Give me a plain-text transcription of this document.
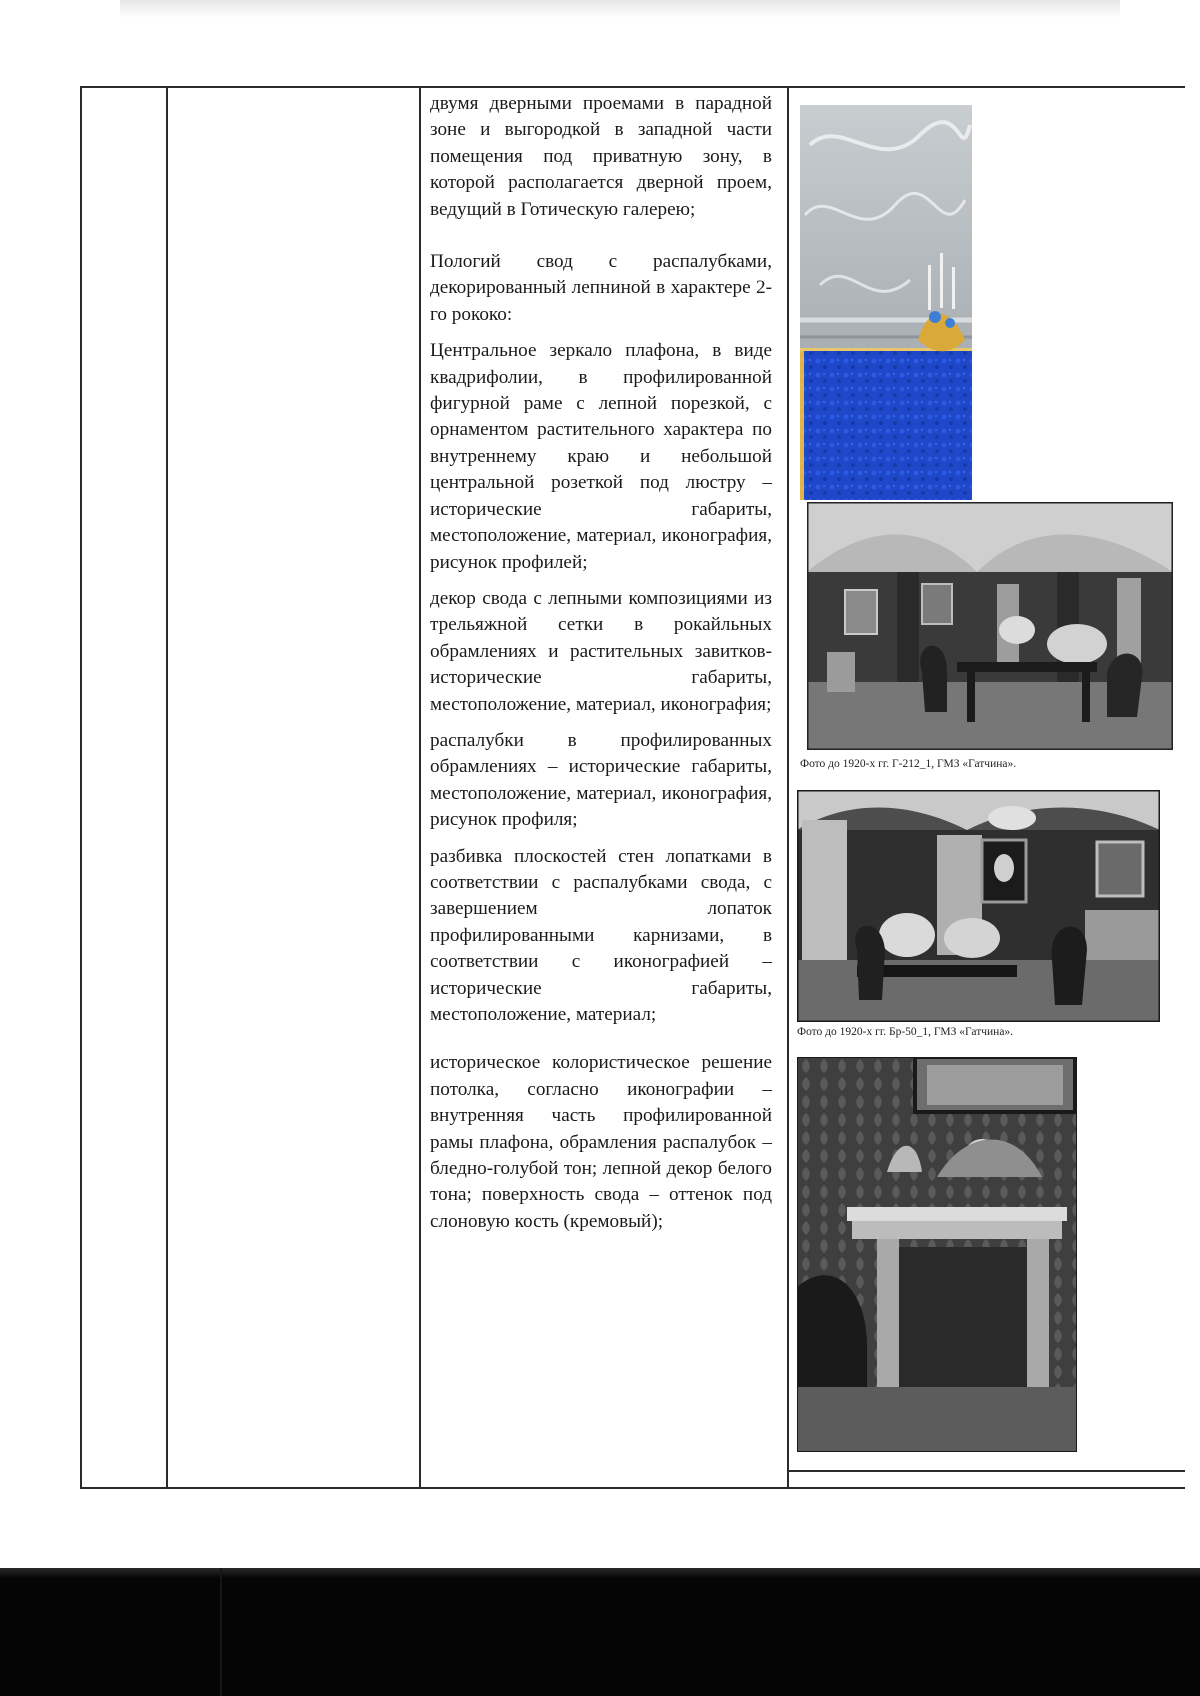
двумя дверными проемами в парадной зоне и выгородкой в западной части помещения под приватную зону, в которой располагается дверной проем, ведущий в Готическую галерею;

Пологий свод с распалубками, декорированный лепниной в характере 2-го рококо:

Центральное зеркало плафона, в виде квадрифолии, в профилированной фигурной раме с лепной порезкой, с орнаментом растительного характера по внутреннему краю и небольшой центральной розеткой под люстру – исторические габариты, местоположение, материал, иконография, рисунок профилей;

декор свода с лепными композициями из трельяжной сетки в рокайльных обрамлениях и растительных завитков- исторические габариты, местоположение, материал, иконография;

распалубки в профилированных обрамлениях – исторические габариты, местоположение, материал, иконография, рисунок профиля;

разбивка плоскостей стен лопатками в соответствии с распалубками свода, с завершением лопаток профилированными карнизами, в соответствии с иконографией – исторические габариты, местоположение, материал;

историческое колористическое решение потолка, согласно иконографии – внутренняя часть профилированной рамы плафона, обрамления распалубок – бледно-голубой тон; лепной декор белого тона; поверхность свода – оттенок под слоновую кость (кремовый);

Фото до 1920-х гг. Г-212_1, ГМЗ «Гатчина».
Фото до 1920-х гг. Бр-50_1, ГМЗ «Гатчина».
